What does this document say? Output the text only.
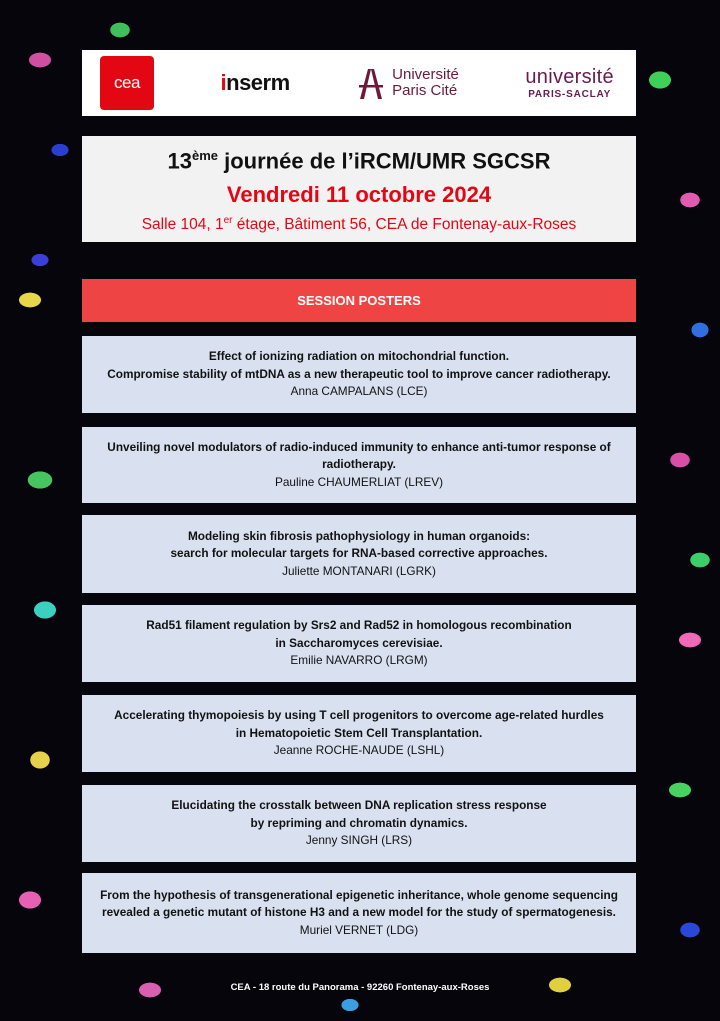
cea	inserm	Université
Paris Cité
université
PARIS-SACLAY
13ème journée de l’iRCM/UMR SGCSR
Vendredi 11 octobre 2024
Salle 104, 1er étage, Bâtiment 56, CEA de Fontenay-aux-Roses
SESSION POSTERS
Effect of ionizing radiation on mitochondrial function.
Compromise stability of mtDNA as a new therapeutic tool to improve cancer radiotherapy.
Anna CAMPALANS (LCE)
Unveiling novel modulators of radio-induced immunity to enhance anti-tumor response of radiotherapy.
Pauline CHAUMERLIAT (LREV)
Modeling skin fibrosis pathophysiology in human organoids:
search for molecular targets for RNA-based corrective approaches.
Juliette MONTANARI (LGRK)
Rad51 filament regulation by Srs2 and Rad52 in homologous recombination
in Saccharomyces cerevisiae.
Emilie NAVARRO (LRGM)
Accelerating thymopoiesis by using T cell progenitors to overcome age-related hurdles
in Hematopoietic Stem Cell Transplantation.
Jeanne ROCHE-NAUDE (LSHL)
Elucidating the crosstalk between DNA replication stress response
by repriming and chromatin dynamics.
Jenny SINGH (LRS)
From the hypothesis of transgenerational epigenetic inheritance, whole genome sequencing revealed a genetic mutant of histone H3 and a new model for the study of spermatogenesis.
Muriel VERNET (LDG)
CEA - 18 route du Panorama - 92260 Fontenay-aux-Roses
